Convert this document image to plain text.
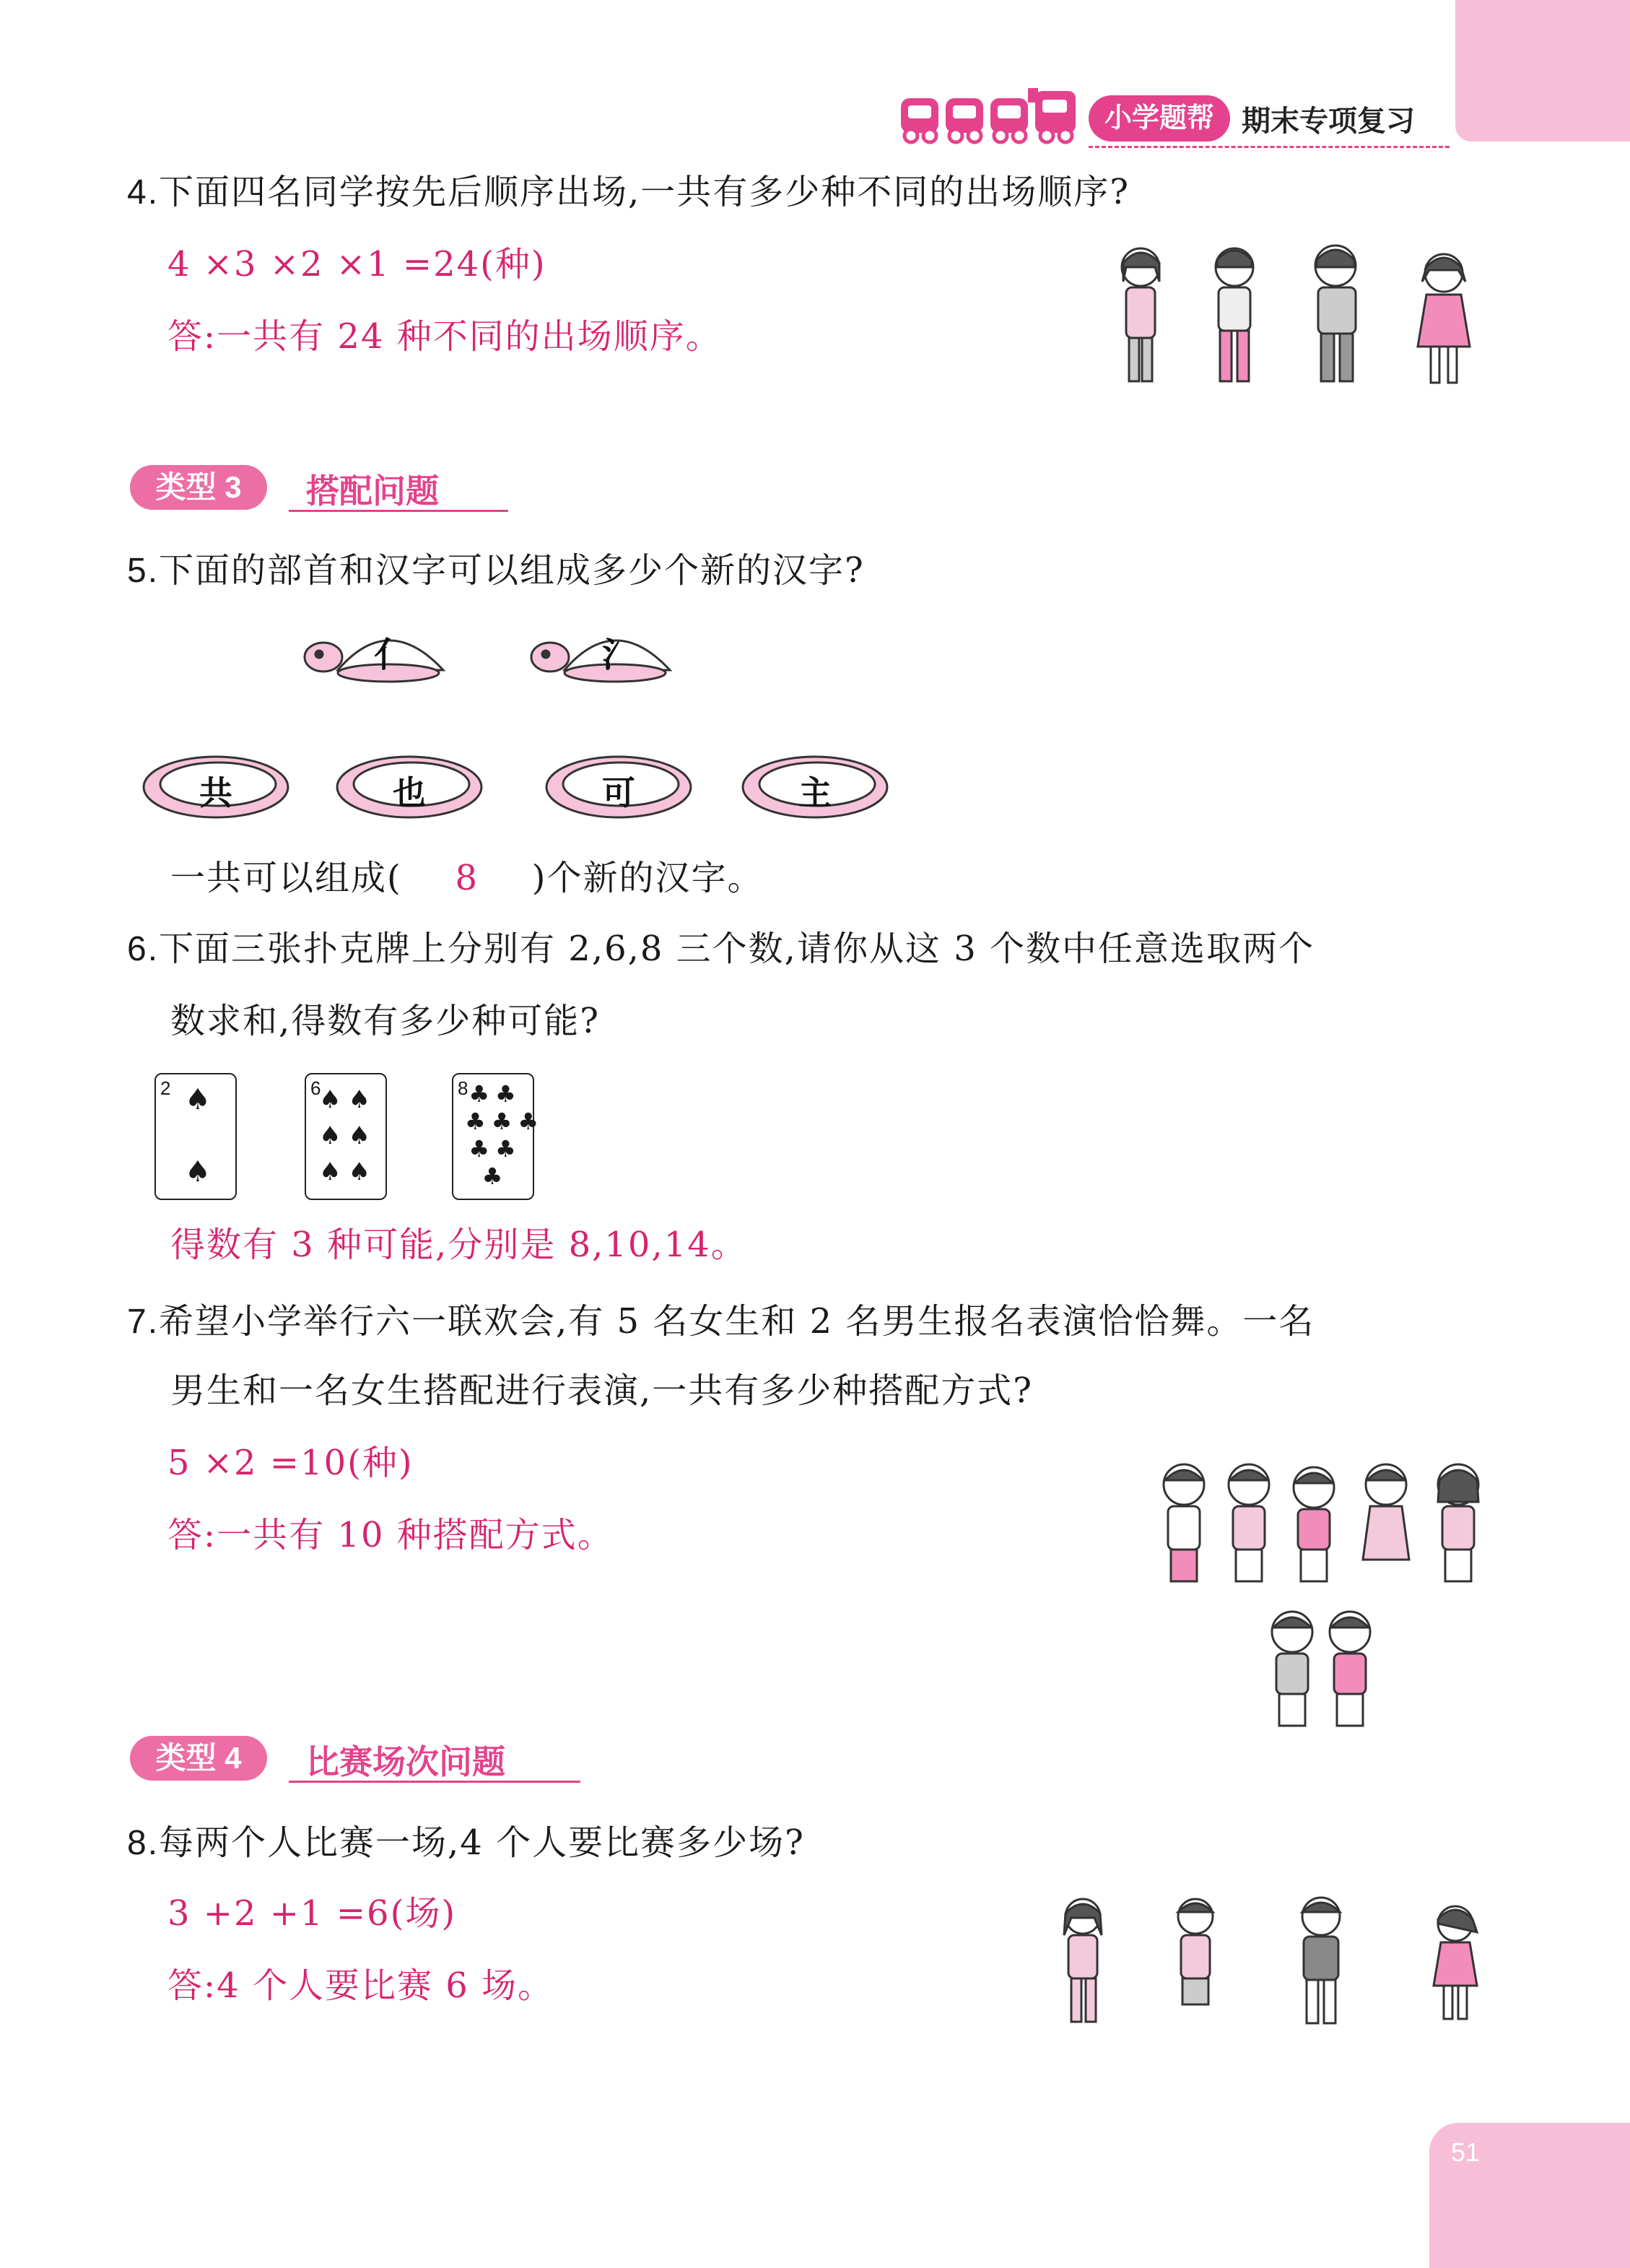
51
小学题帮 期末专项复习
4.下面四名同学按先后顺序出场,一共有多少种不同的出场顺序?
4 ×3 ×2 ×1 =24(种)
答:一共有 24 种不同的出场顺序。
类型 3	搭配问题
5.下面的部首和汉字可以组成多少个新的汉字?
亻	氵
共	也	可	主
一共可以组成( 8 )个新的汉字。
6.下面三张扑克牌上分别有 2,6,8 三个数,请你从这 3 个数中任意选取两个
数求和,得数有多少种可能?
2 ♠
♠
6
♠♠
♠♠
♠♠
8 ♣♣
♣♣♣
♣♣
♣
得数有 3 种可能,分别是 8,10,14。
7.希望小学举行六一联欢会,有 5 名女生和 2 名男生报名表演恰恰舞。一名
男生和一名女生搭配进行表演,一共有多少种搭配方式?
5 ×2 =10(种)
答:一共有 10 种搭配方式。
类型 4	比赛场次问题
8.每两个人比赛一场,4 个人要比赛多少场?
3 +2 +1 =6(场)
答:4 个人要比赛 6 场。
